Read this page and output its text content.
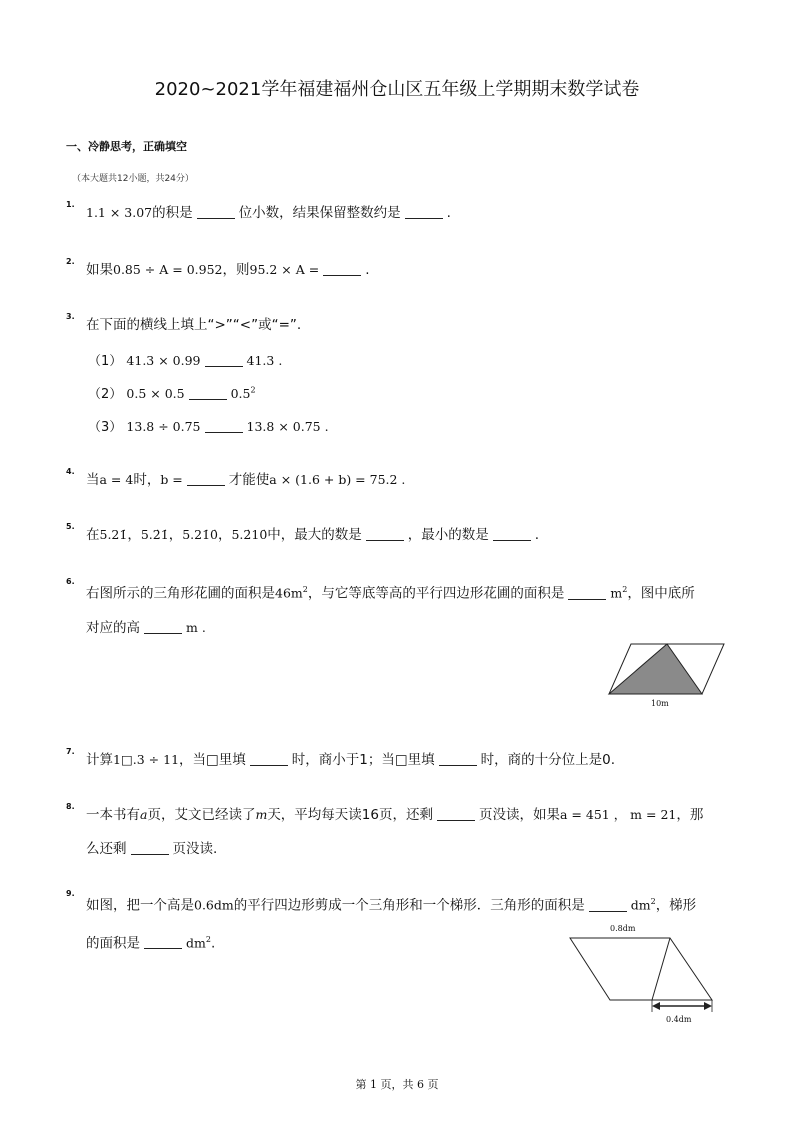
2020~2021学年福建福州仓山区五年级上学期期末数学试卷
一、冷静思考，正确填空
（本大题共12小题，共24分）
1.1.1 × 3.07的积是	位小数，结果保留整数约是	.
2.如果0.85 ÷ A = 0.952，则95.2 × A =	.
3.在下面的横线上填上“>”“<”或“=”.
（1） 41.3 × 0.99	41.3 .
（2） 0.5 × 0.5	$0.5^2$
（3） 13.8 ÷ 0.75	13.8 × 0.75 .
4.当a = 4时，b =	才能使a × (1.6 + b) = 75.2 .
5.在5.21̇，5.2̇1̇，5.21̇0̇，5.2̇10̇中，最大的数是	，最小的数是	.
6.右图所示的三角形花圃的面积是$46m^2$，与它等底等高的平行四边形花圃的面积是	$m^2$，图中底所
对应的高	m .
10m
7.计算1□.3 ÷ 11，当□里填	时，商小于1；当□里填	时，商的十分位上是0.
8.一本书有a页，艾文已经读了m天，平均每天读16页，还剩	页没读，如果a = 451 ， m = 21，那
么还剩	页没读.
9.如图，把一个高是0.6dm的平行四边形剪成一个三角形和一个梯形．三角形的面积是	$dm^2$，梯形
的面积是	$dm^2$.
0.8dm
0.4dm
第 1 页，共 6 页
